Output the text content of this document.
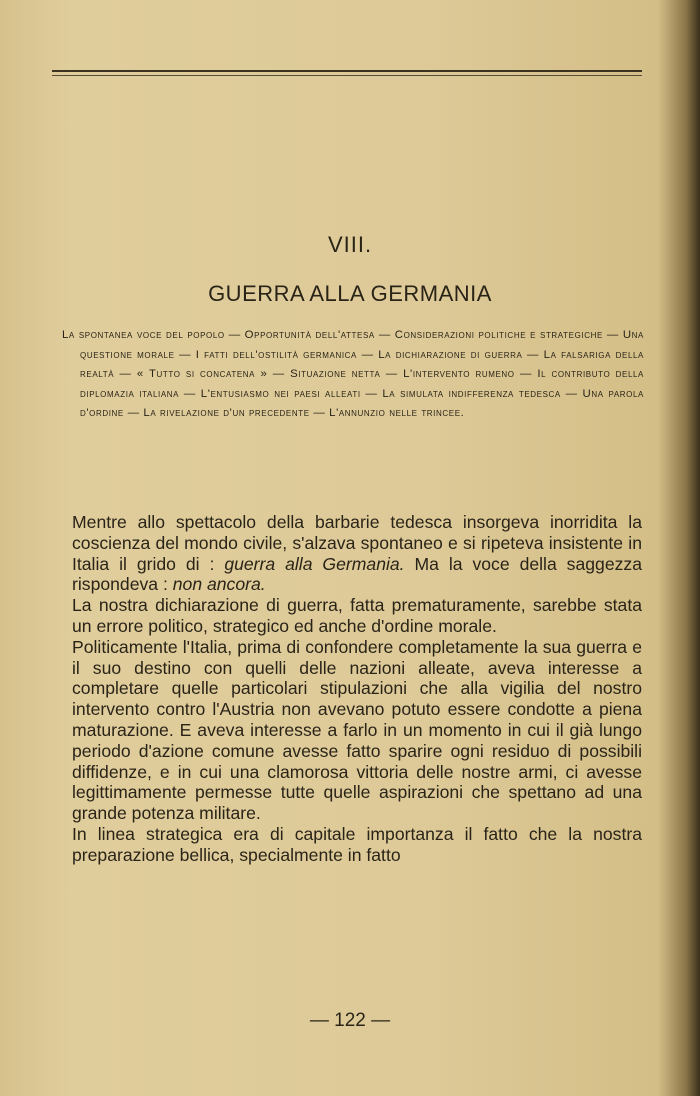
VIII.
GUERRA ALLA GERMANIA

La spontanea voce del popolo — Opportunità dell'attesa — Considerazioni politiche e strategiche — Una questione morale — I fatti dell'ostilità germanica — La dichiarazione di guerra — La falsariga della realtà — « Tutto si concatena » — Situazione netta — L'intervento rumeno — Il contributo della diplomazia italiana — L'entusiasmo nei paesi alleati — La simulata indifferenza tedesca — Una parola d'ordine — La rivelazione d'un precedente — L'annunzio nelle trincee.

Mentre allo spettacolo della barbarie tedesca insorgeva inorridita la coscienza del mondo civile, s'alzava spontaneo e si ripeteva insistente in Italia il grido di : guerra alla Germania. Ma la voce della saggezza rispondeva : non ancora.

La nostra dichiarazione di guerra, fatta prematuramente, sarebbe stata un errore politico, strategico ed anche d'ordine morale.

Politicamente l'Italia, prima di confondere completamente la sua guerra e il suo destino con quelli delle nazioni alleate, aveva interesse a completare quelle particolari stipulazioni che alla vigilia del nostro intervento contro l'Austria non avevano potuto essere condotte a piena maturazione. E aveva interesse a farlo in un momento in cui il già lungo periodo d'azione comune avesse fatto sparire ogni residuo di possibili diffidenze, e in cui una clamorosa vittoria delle nostre armi, ci avesse legittimamente permesse tutte quelle aspirazioni che spettano ad una grande potenza militare.

In linea strategica era di capitale importanza il fatto che la nostra preparazione bellica, specialmente in fatto

— 122 —
